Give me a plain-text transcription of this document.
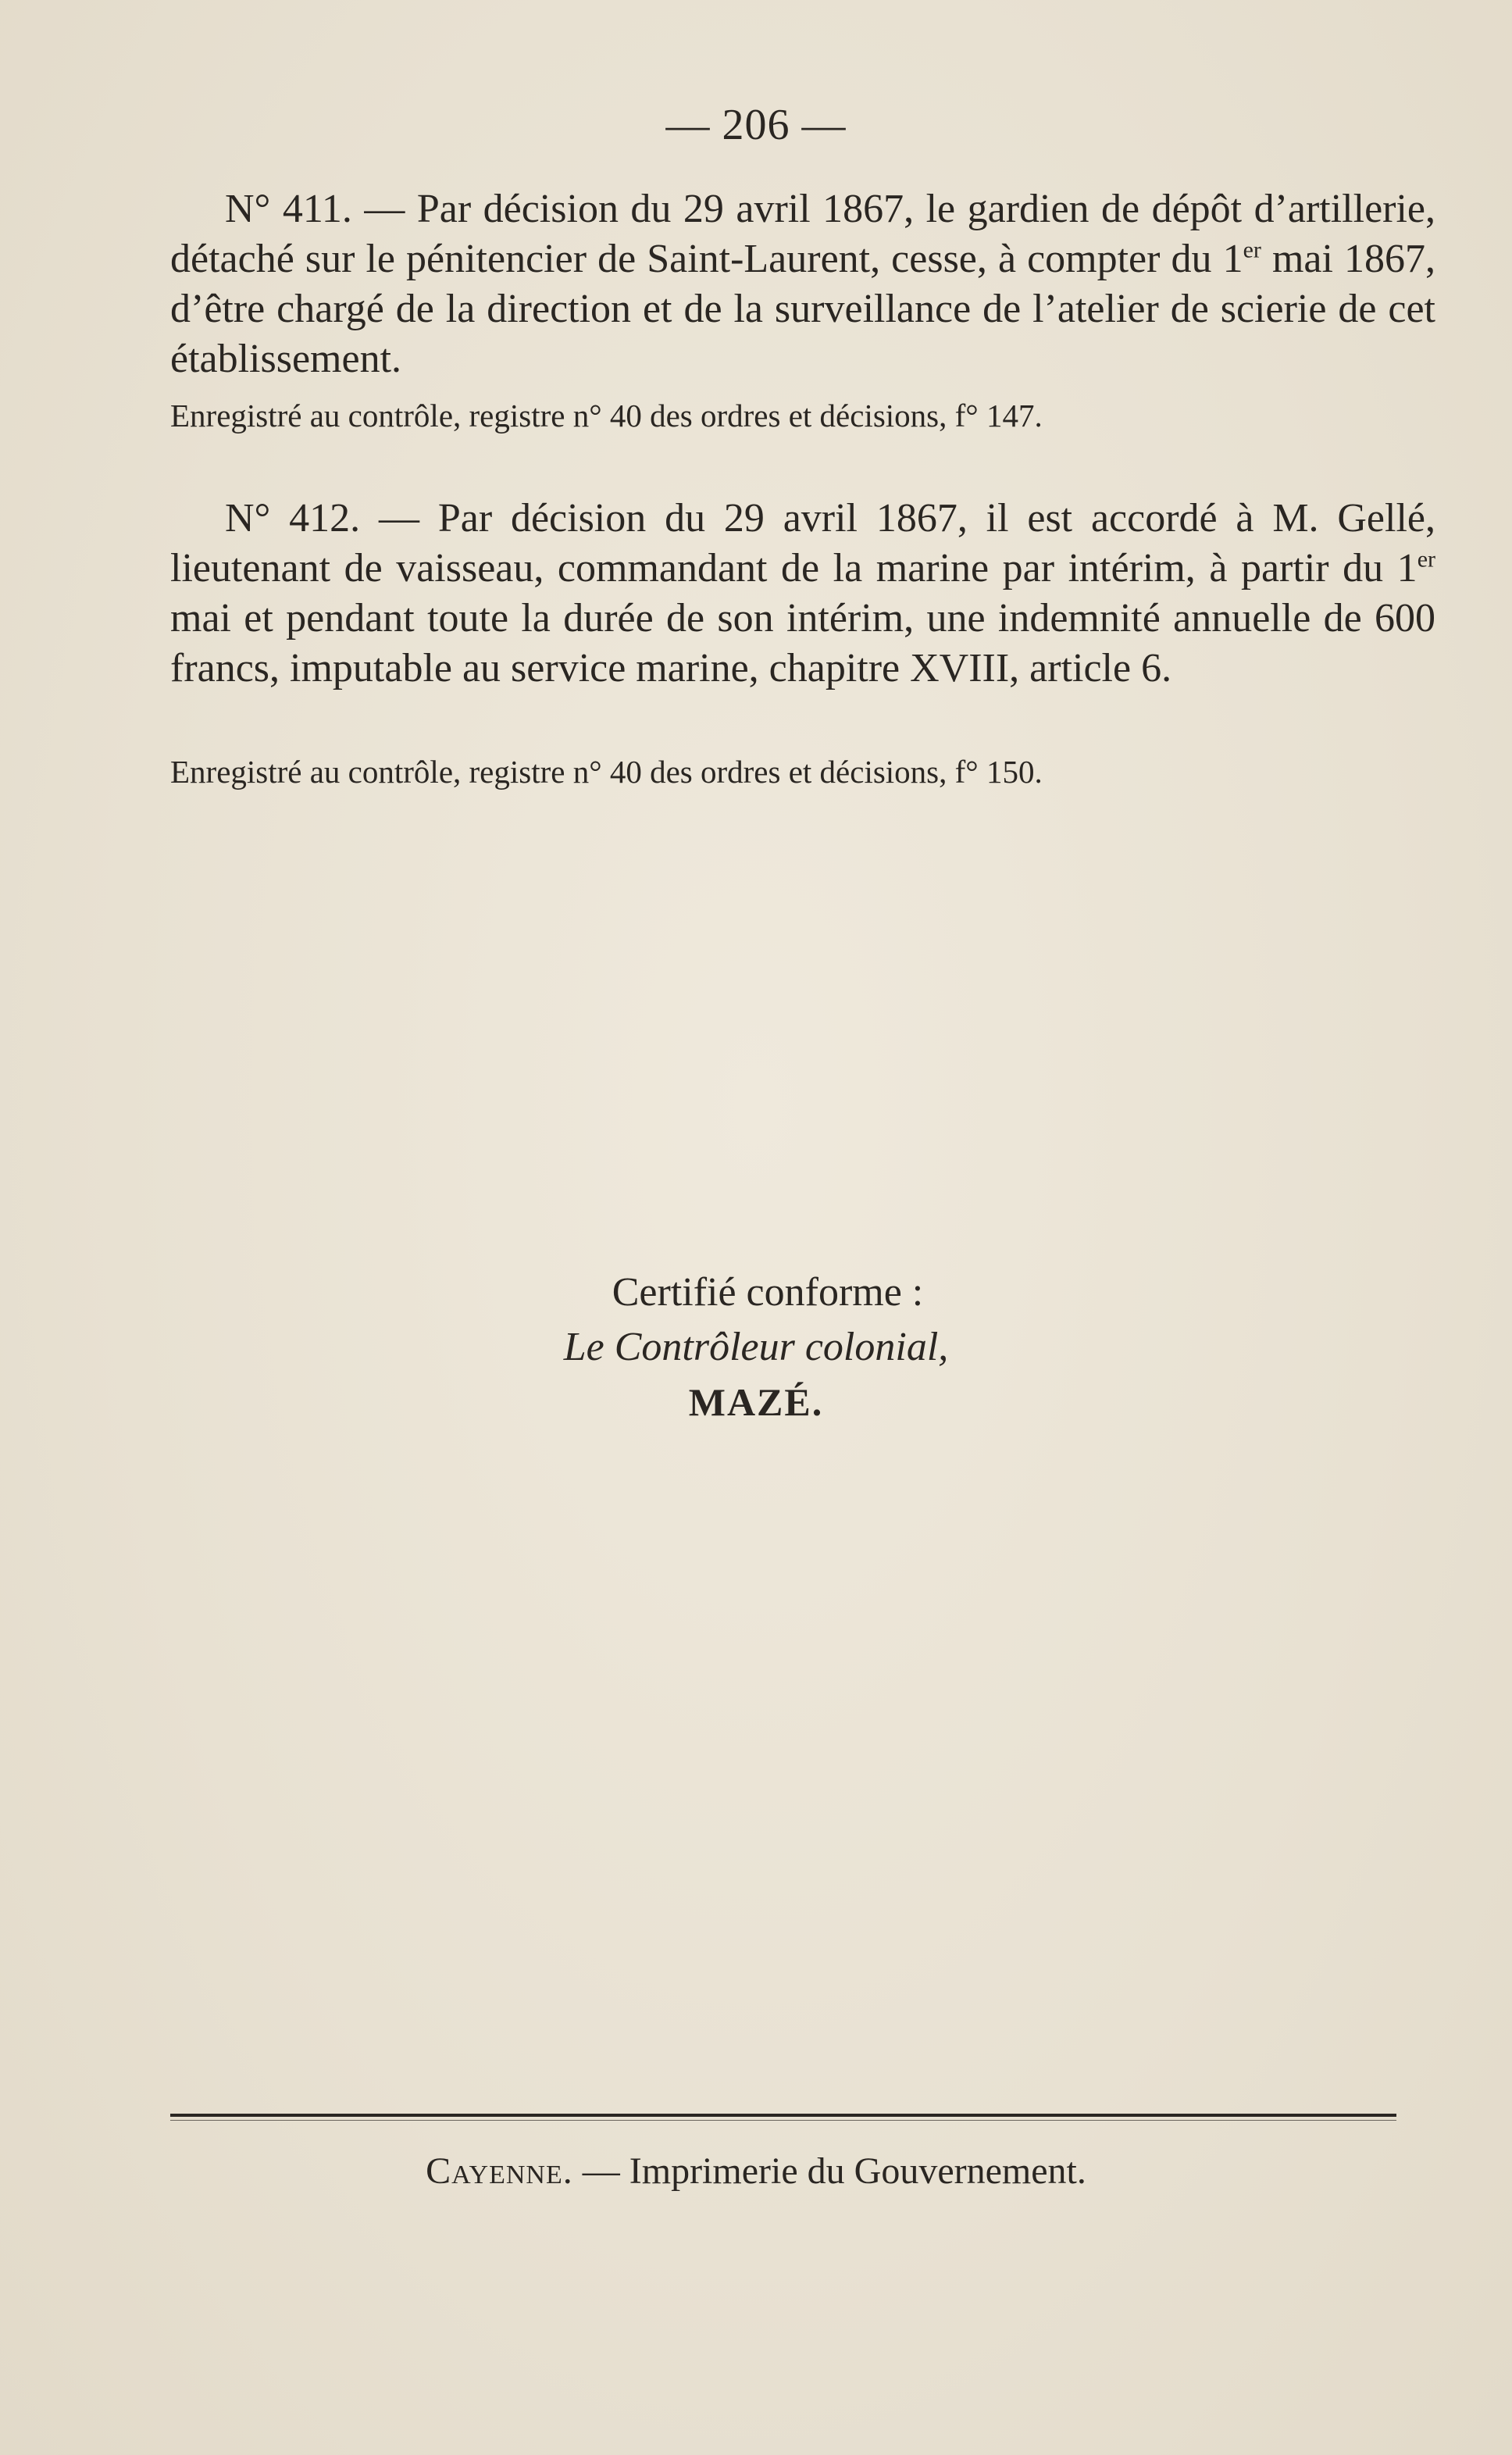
— 206 —

N° 411. — Par décision du 29 avril 1867, le gardien de dépôt d’artillerie, détaché sur le pénitencier de Saint-Laurent, cesse, à compter du 1er mai 1867, d’être chargé de la direction et de la surveillance de l’atelier de scierie de cet établissement.

Enregistré au contrôle, registre n° 40 des ordres et décisions, f° 147.

N° 412. — Par décision du 29 avril 1867, il est accordé à M. Gellé, lieutenant de vaisseau, commandant de la marine par intérim, à partir du 1er mai et pendant toute la durée de son intérim, une indemnité annuelle de 600 francs, imputable au service marine, chapitre XVIII, article 6.

Enregistré au contrôle, registre n° 40 des ordres et décisions, f° 150.

Certifié conforme :
Le Contrôleur colonial,
MAZÉ.
Cayenne. — Imprimerie du Gouvernement.
